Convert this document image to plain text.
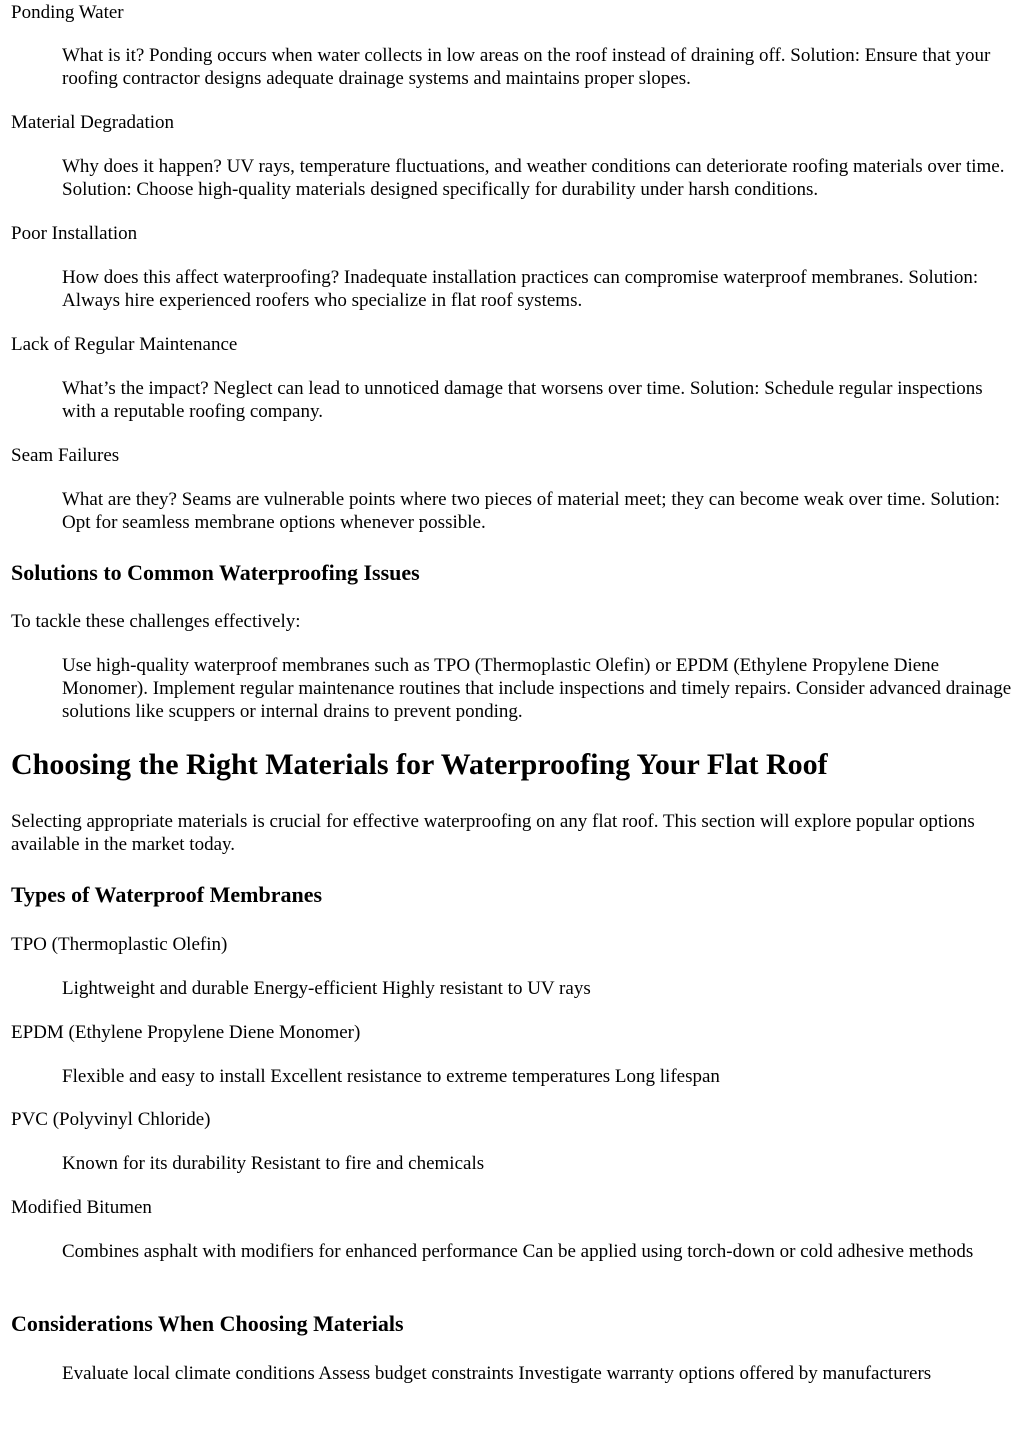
Ponding Water
What is it? Ponding occurs when water collects in low areas on the roof instead of draining off. Solution: Ensure that your roofing contractor designs adequate drainage systems and maintains proper slopes.
Material Degradation
Why does it happen? UV rays, temperature fluctuations, and weather conditions can deteriorate roofing materials over time. Solution: Choose high-quality materials designed specifically for durability under harsh conditions.
Poor Installation
How does this affect waterproofing? Inadequate installation practices can compromise waterproof membranes. Solution: Always hire experienced roofers who specialize in flat roof systems.
Lack of Regular Maintenance
What’s the impact? Neglect can lead to unnoticed damage that worsens over time. Solution: Schedule regular inspections with a reputable roofing company.
Seam Failures
What are they? Seams are vulnerable points where two pieces of material meet; they can become weak over time. Solution: Opt for seamless membrane options whenever possible.
Solutions to Common Waterproofing Issues
To tackle these challenges effectively:
Use high-quality waterproof membranes such as TPO (Thermoplastic Olefin) or EPDM (Ethylene Propylene Diene Monomer). Implement regular maintenance routines that include inspections and timely repairs. Consider advanced drainage solutions like scuppers or internal drains to prevent ponding.
Choosing the Right Materials for Waterproofing Your Flat Roof
Selecting appropriate materials is crucial for effective waterproofing on any flat roof. This section will explore popular options available in the market today.
Types of Waterproof Membranes
TPO (Thermoplastic Olefin)
Lightweight and durable Energy-efficient Highly resistant to UV rays
EPDM (Ethylene Propylene Diene Monomer)
Flexible and easy to install Excellent resistance to extreme temperatures Long lifespan
PVC (Polyvinyl Chloride)
Known for its durability Resistant to fire and chemicals
Modified Bitumen
Combines asphalt with modifiers for enhanced performance Can be applied using torch-down or cold adhesive methods
Considerations When Choosing Materials
Evaluate local climate conditions Assess budget constraints Investigate warranty options offered by manufacturers
